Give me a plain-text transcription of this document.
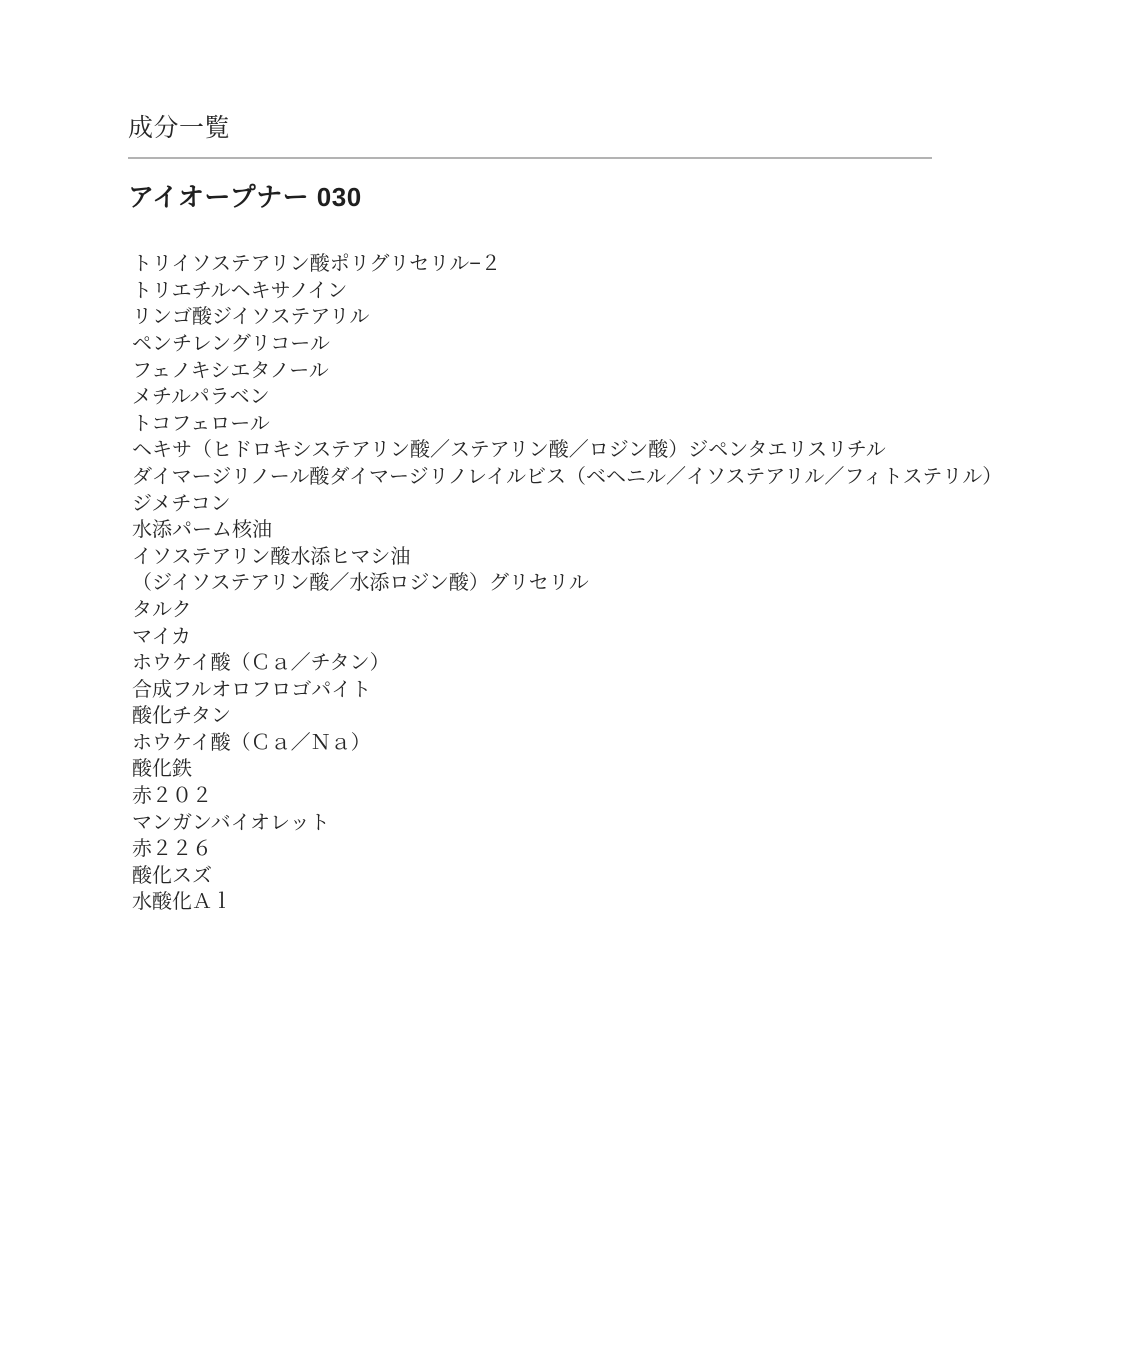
成分一覧
アイオープナー 030
トリイソステアリン酸ポリグリセリル−２
トリエチルヘキサノイン
リンゴ酸ジイソステアリル
ペンチレングリコール
フェノキシエタノール
メチルパラベン
トコフェロール
ヘキサ（ヒドロキシステアリン酸／ステアリン酸／ロジン酸）ジペンタエリスリチル
ダイマージリノール酸ダイマージリノレイルビス（ベヘニル／イソステアリル／フィトステリル）
ジメチコン
水添パーム核油
イソステアリン酸水添ヒマシ油
（ジイソステアリン酸／水添ロジン酸）グリセリル
タルク
マイカ
ホウケイ酸（Ｃａ／チタン）
合成フルオロフロゴパイト
酸化チタン
ホウケイ酸（Ｃａ／Ｎａ）
酸化鉄
赤２０２
マンガンバイオレット
赤２２６
酸化スズ
水酸化Ａｌ
